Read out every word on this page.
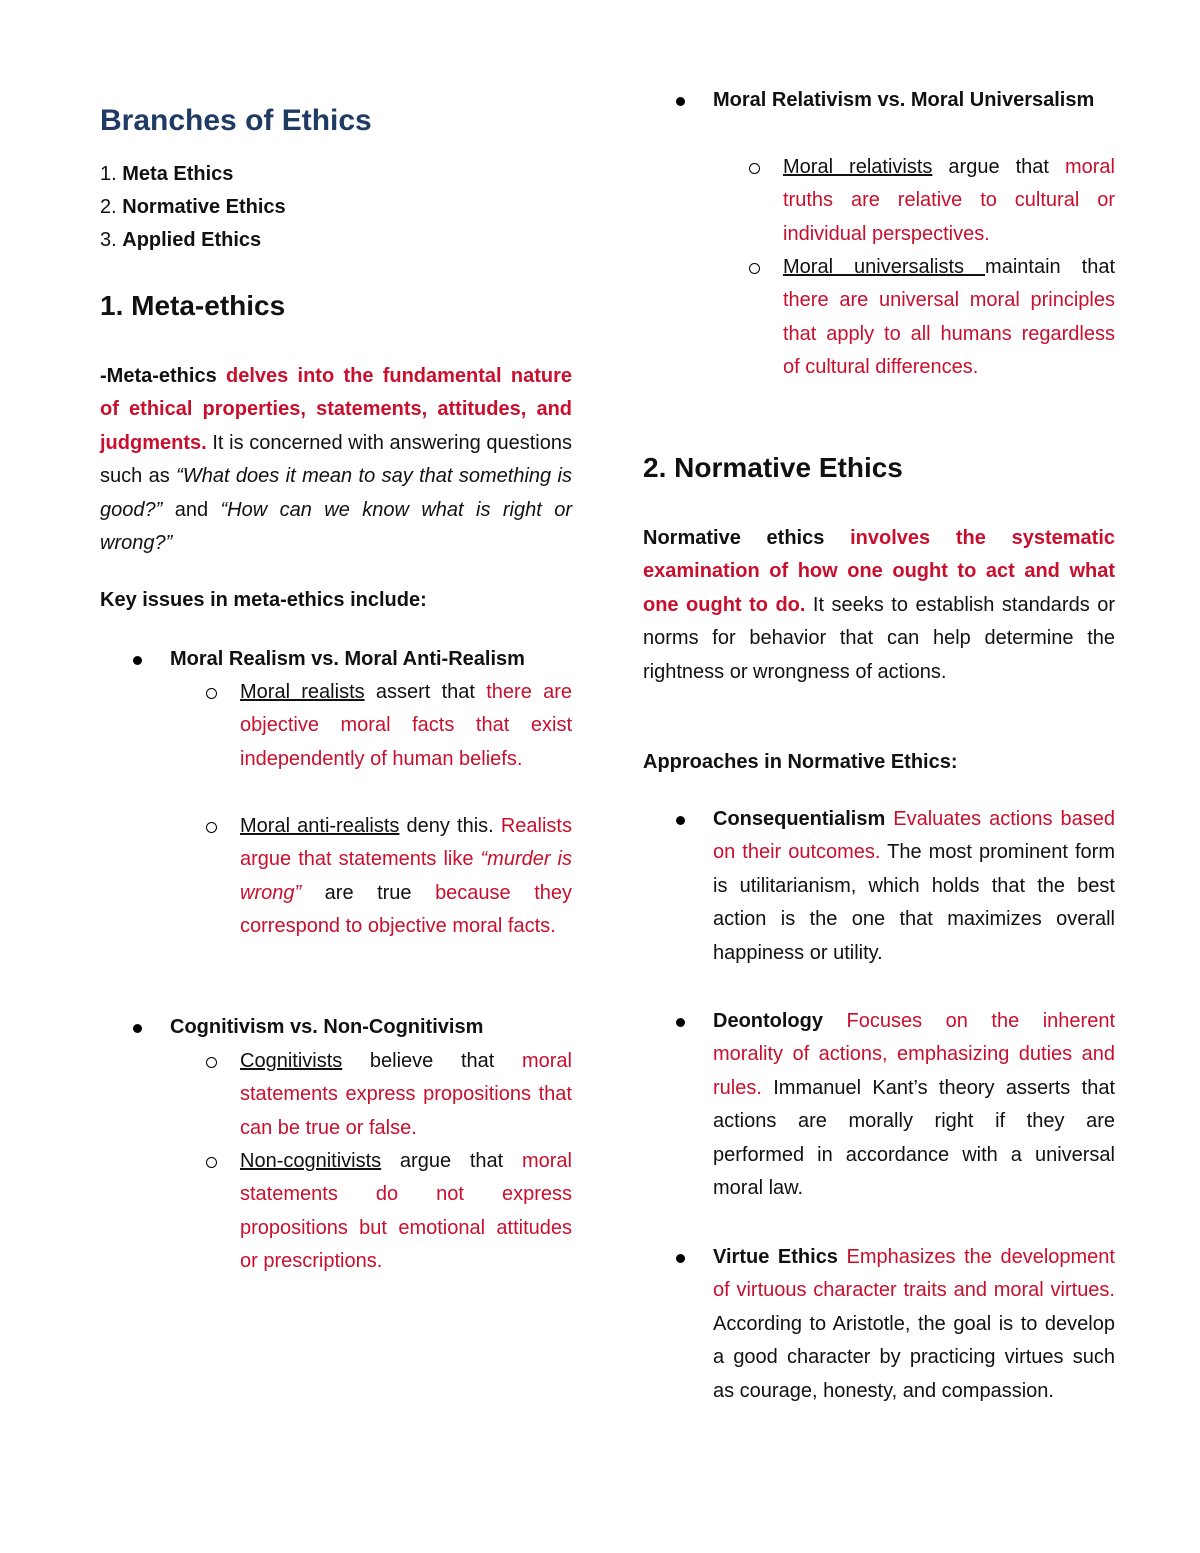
Branches of Ethics
1. Meta Ethics
2. Normative Ethics
3. Applied Ethics
1. Meta-ethics

-Meta-ethics delves into the fundamental nature of ethical properties, statements, attitudes, and judgments. It is concerned with answering questions such as “What does it mean to say that something is good?” and “How can we know what is right or wrong?”

Key issues in meta-ethics include:

Moral Realism vs. Moral Anti-Realism

Moral realists assert that there are objective moral facts that exist independently of human beliefs.

Moral anti-realists deny this. Realists argue that statements like “murder is wrong” are true because they correspond to objective moral facts.

Cognitivism vs. Non-Cognitivism

Cognitivists believe that moral statements express propositions that can be true or false.

Non-cognitivists argue that moral statements do not express propositions but emotional attitudes or prescriptions.

Moral Relativism vs. Moral Universalism

Moral relativists argue that moral truths are relative to cultural or individual perspectives.

Moral universalists maintain that there are universal moral principles that apply to all humans regardless of cultural differences.

2. Normative Ethics

Normative ethics involves the systematic examination of how one ought to act and what one ought to do. It seeks to establish standards or norms for behavior that can help determine the rightness or wrongness of actions.

Approaches in Normative Ethics:

Consequentialism Evaluates actions based on their outcomes. The most prominent form is utilitarianism, which holds that the best action is the one that maximizes overall happiness or utility.

Deontology Focuses on the inherent morality of actions, emphasizing duties and rules. Immanuel Kant’s theory asserts that actions are morally right if they are performed in accordance with a universal moral law.

Virtue Ethics Emphasizes the development of virtuous character traits and moral virtues. According to Aristotle, the goal is to develop a good character by practicing virtues such as courage, honesty, and compassion.
